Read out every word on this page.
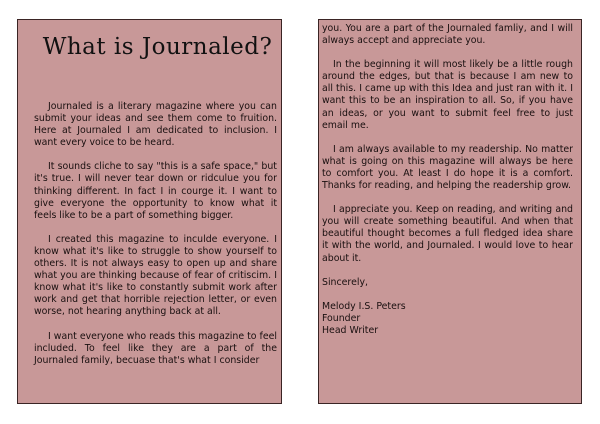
What is Journaled?

Journaled is a literary magazine where you can submit your ideas and see them come to fruition. Here at Journaled I am dedicated to inclusion. I want every voice to be heard.

It sounds cliche to say "this is a safe space," but it's true. I will never tear down or ridculue you for thinking different. In fact I in courge it. I want to give everyone the opportunity to know what it feels like to be a part of something bigger.

I created this magazine to inculde everyone. I know what it's like to struggle to show yourself to others. It is not always easy to open up and share what you are thinking because of fear of critiscim. I know what it's like to constantly submit work after work and get that horrible rejection letter, or even worse, not hearing anything back at all.

I want everyone who reads this magazine to feel included. To feel like they are a part of the Journaled family, becuase that's what I consider

you. You are a part of the Journaled famliy, and I will always accept and appreciate you.

In the beginning it will most likely be a little rough around the edges, but that is because I am new to all this. I came up with this Idea and just ran with it. I want this to be an inspiration to all. So, if you have an ideas, or you want to submit feel free to just email me.

I am always available to my readership. No matter what is going on this magazine will always be here to comfort you. At least I do hope it is a comfort. Thanks for reading, and helping the readership grow.

I appreciate you. Keep on reading, and writing and you will create something beautiful. And when that beautiful thought becomes a full fledged idea share it with the world, and Journaled. I would love to hear about it.

Sincerely,
Melody I.S. Peters
Founder
Head Writer
